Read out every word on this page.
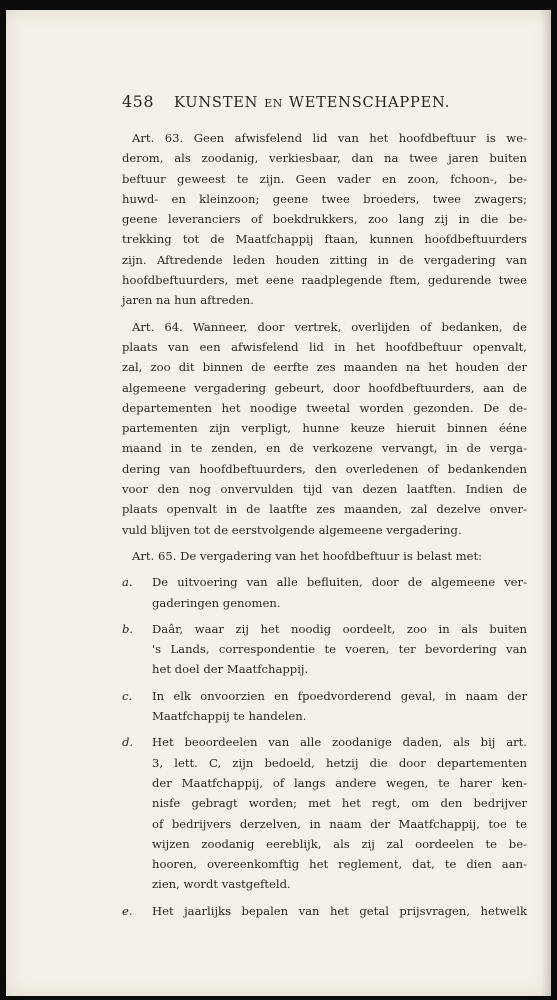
458 KUNSTEN EN WETENSCHAPPEN.
Art. 63. Geen afwisfelend lid van het hoofdbeftuur is we-
derom, als zoodanig, verkiesbaar, dan na twee jaren buiten
beftuur geweest te zijn. Geen vader en zoon, fchoon-, be-
huwd- en kleinzoon; geene twee broeders, twee zwagers;
geene leveranciers of boekdrukkers, zoo lang zij in die be-
trekking tot de Maatfchappij ftaan, kunnen hoofdbeftuurders
zijn. Aftredende leden houden zitting in de vergadering van
hoofdbeftuurders, met eene raadplegende ftem, gedurende twee
jaren na hun aftreden.
Art. 64. Wanneer, door vertrek, overlijden of bedanken, de
plaats van een afwisfelend lid in het hoofdbeftuur openvalt,
zal, zoo dit binnen de eerfte zes maanden na het houden der
algemeene vergadering gebeurt, door hoofdbeftuurders, aan de
departementen het noodige tweetal worden gezonden. De de-
partementen zijn verpligt, hunne keuze hieruit binnen ééne
maand in te zenden, en de verkozene vervangt, in de verga-
dering van hoofdbeftuurders, den overledenen of bedankenden
voor den nog onvervulden tijd van dezen laatften. Indien de
plaats openvalt in de laatfte zes maanden, zal dezelve onver-
vuld blijven tot de eerstvolgende algemeene vergadering.
Art. 65. De vergadering van het hoofdbeftuur is belast met:
a.	De uitvoering van alle befluiten, door de algemeene ver-
gaderingen genomen.
b.	Daâr, waar zij het noodig oordeelt, zoo in als buiten
's Lands, correspondentie te voeren, ter bevordering van
het doel der Maatfchappij.
c.	In elk onvoorzien en fpoedvorderend geval, in naam der
Maatfchappij te handelen.
d.	Het beoordeelen van alle zoodanige daden, als bij art.
3, lett. C, zijn bedoeld, hetzij die door departementen
der Maatfchappij, of langs andere wegen, te harer ken-
nisfe gebragt worden; met het regt, om den bedrijver
of bedrijvers derzelven, in naam der Maatfchappij, toe te
wijzen zoodanig eereblijk, als zij zal oordeelen te be-
hooren, overeenkomftig het reglement, dat, te dien aan-
zien, wordt vastgefteld.
e.	Het jaarlijks bepalen van het getal prijsvragen, hetwelk
